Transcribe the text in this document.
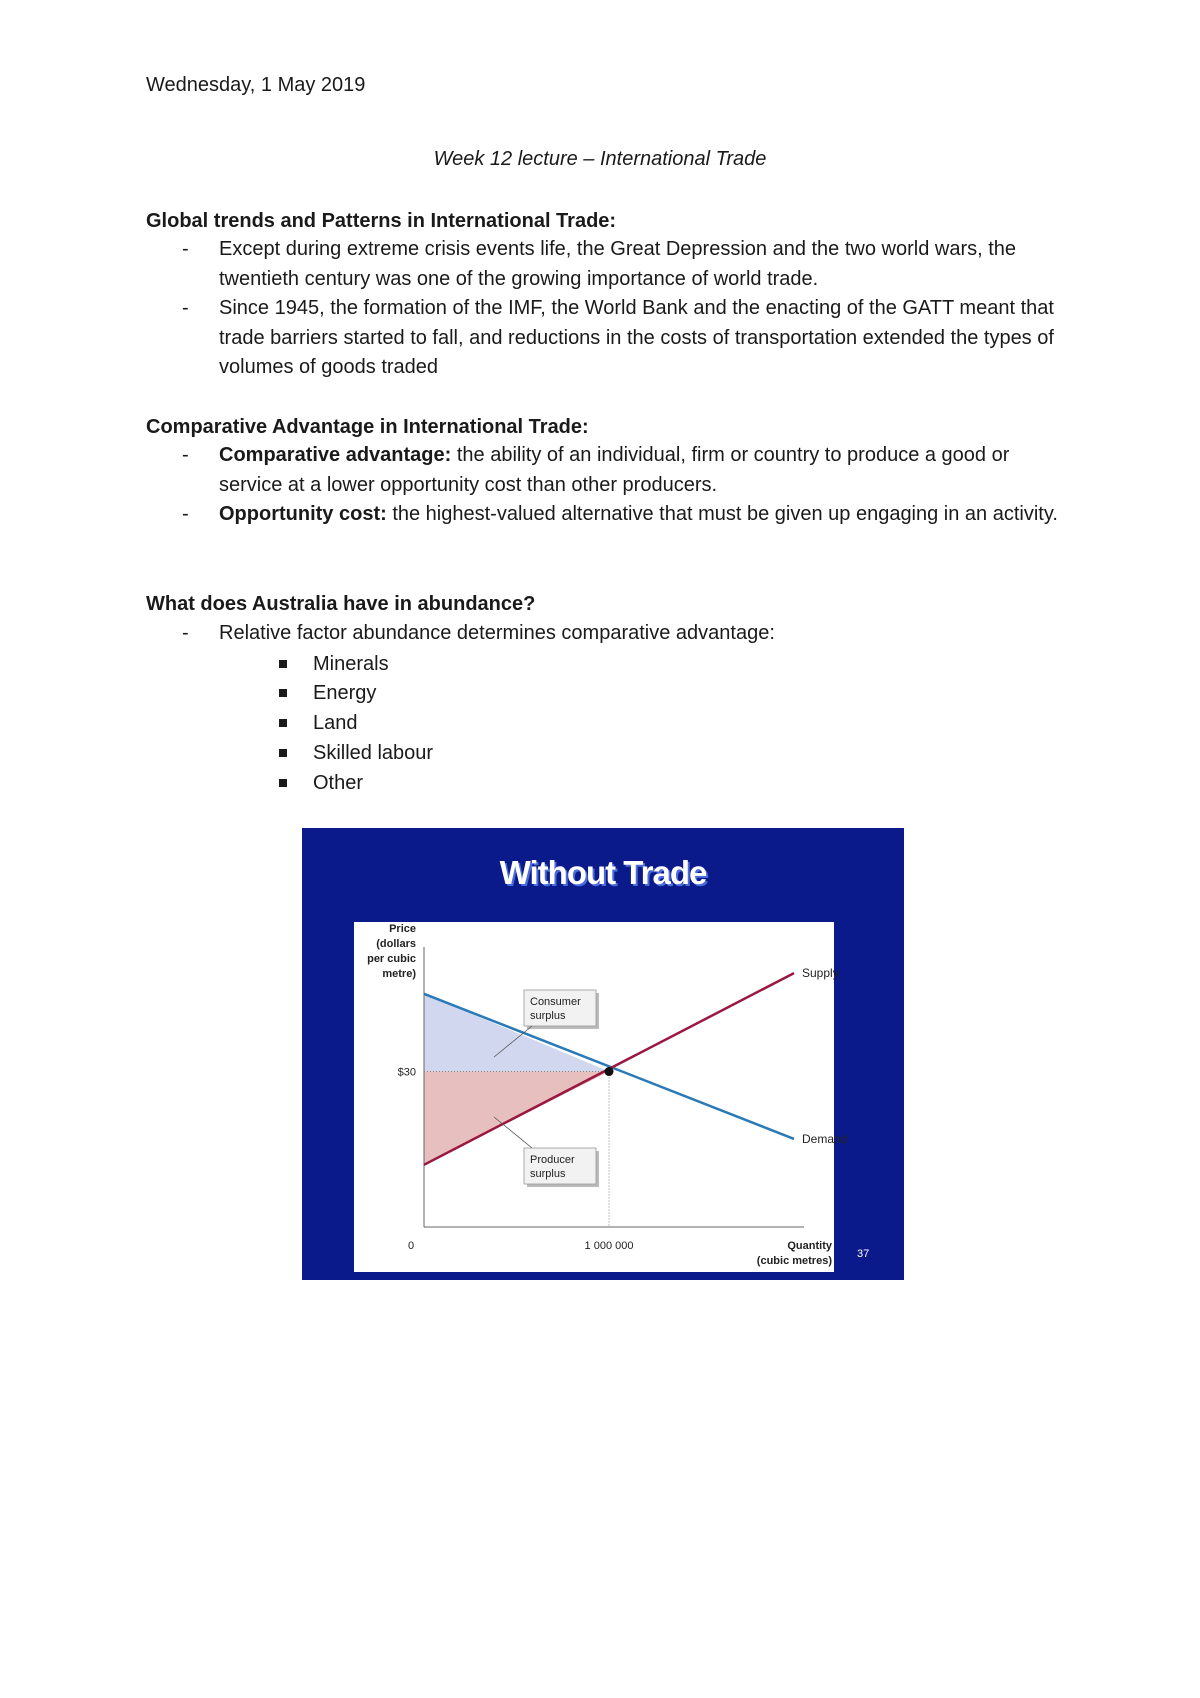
Wednesday, 1 May 2019
Week 12 lecture – International Trade
Global trends and Patterns in International Trade:
-	Except during extreme crisis events life, the Great Depression and the two world wars, the twentieth century was one of the growing importance of world trade.
-	Since 1945, the formation of the IMF, the World Bank and the enacting of the GATT meant that trade barriers started to fall, and reductions in the costs of transportation extended the types of volumes of goods traded
Comparative Advantage in International Trade:
-	Comparative advantage: the ability of an individual, firm or country to produce a good or service at a lower opportunity cost than other producers.
-	Opportunity cost: the highest-valued alternative that must be given up engaging in an activity.
What does Australia have in abundance?
-	Relative factor abundance determines comparative advantage:
Minerals
Energy
Land
Skilled labour
Other
Without Trade
Supply
Demand
Price
(dollars
per cubic
metre)
$30
0	1 000 000	Quantity
(cubic metres)
Consumer
surplus
Producer
surplus
37
